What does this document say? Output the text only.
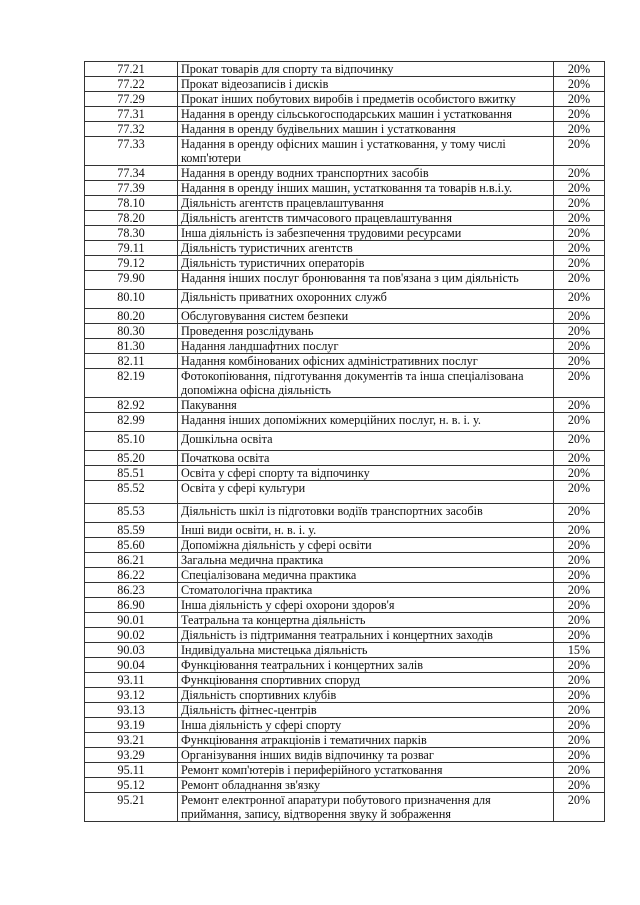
77.21	Прокат товарів для спорту та відпочинку	20%
77.22	Прокат відеозаписів і дисків	20%
77.29	Прокат інших побутових виробів і предметів особистого вжитку	20%
77.31	Надання в оренду сільськогосподарських машин і устатковання	20%
77.32	Надання в оренду будівельних машин і устатковання	20%
77.33	Надання в оренду офісних машин і устатковання, у тому числі комп'ютери	20%
77.34	Надання в оренду водних транспортних засобів	20%
77.39	Надання в оренду інших машин, устатковання та товарів н.в.і.у.	20%
78.10	Діяльність агентств працевлаштування	20%
78.20	Діяльність агентств тимчасового працевлаштування	20%
78.30	Інша діяльність із забезпечення трудовими ресурсами	20%
79.11	Діяльність туристичних агентств	20%
79.12	Діяльність туристичних операторів	20%
79.90	Надання інших послуг бронювання та пов'язана з цим діяльність	20%
80.10	Діяльність приватних охоронних служб	20%
80.20	Обслуговування систем безпеки	20%
80.30	Проведення розслідувань	20%
81.30	Надання ландшафтних послуг	20%
82.11	Надання комбінованих офісних адміністративних послуг	20%
82.19	Фотокопіювання, підготування документів та інша спеціалізована допоміжна офісна діяльність	20%
82.92	Пакування	20%
82.99	Надання інших допоміжних комерційних послуг, н. в. і. у.	20%
85.10	Дошкільна освіта	20%
85.20	Початкова освіта	20%
85.51	Освіта у сфері спорту та відпочинку	20%
85.52	Освіта у сфері культури	20%
85.53	Діяльність шкіл із підготовки водіїв транспортних засобів	20%
85.59	Інші види освіти, н. в. і. у.	20%
85.60	Допоміжна діяльність у сфері освіти	20%
86.21	Загальна медична практика	20%
86.22	Спеціалізована медична практика	20%
86.23	Стоматологічна практика	20%
86.90	Інша діяльність у сфері охорони здоров'я	20%
90.01	Театральна та концертна діяльність	20%
90.02	Діяльність із підтримання театральних і концертних заходів	20%
90.03	Індивідуальна мистецька діяльність	15%
90.04	Функціювання театральних і концертних залів	20%
93.11	Функціювання спортивних споруд	20%
93.12	Діяльність спортивних клубів	20%
93.13	Діяльність фітнес-центрів	20%
93.19	Інша діяльність у сфері спорту	20%
93.21	Функціювання атракціонів і тематичних парків	20%
93.29	Організування інших видів відпочинку та розваг	20%
95.11	Ремонт комп'ютерів і периферійного устатковання	20%
95.12	Ремонт обладнання зв'язку	20%
95.21	Ремонт електронної апаратури побутового призначення для приймання, запису, відтворення звуку й зображення	20%
